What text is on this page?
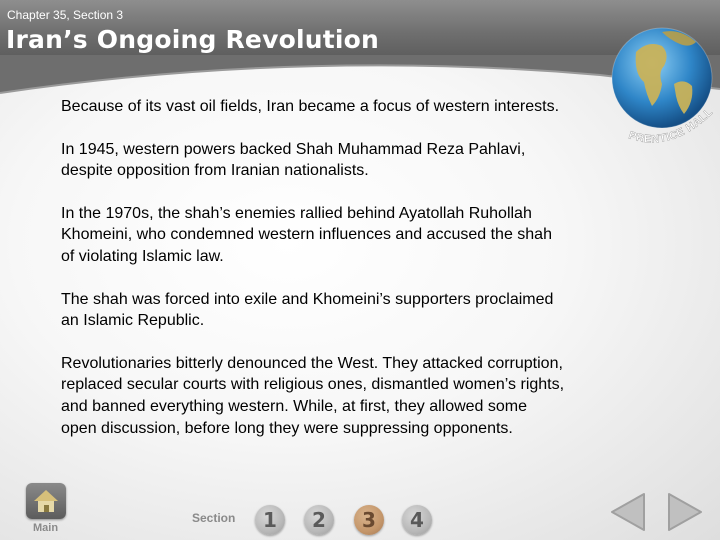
Chapter 35, Section 3
Iran’s Ongoing Revolution
PRENTICE HALL

Because of its vast oil fields, Iran became a focus of western interests.

In 1945, western powers backed Shah Muhammad Reza Pahlavi, despite opposition from Iranian nationalists.

In the 1970s, the shah’s enemies rallied behind Ayatollah Ruhollah Khomeini, who condemned western influences and accused the shah of violating Islamic law.

The shah was forced into exile and Khomeini’s supporters proclaimed an Islamic Republic.

Revolutionaries bitterly denounced the West. They attacked corruption, replaced secular courts with religious ones, dismantled women’s rights, and banned everything western. While, at first, they allowed some open discussion, before long they were suppressing opponents.

Main
Section	1	2	3	4
